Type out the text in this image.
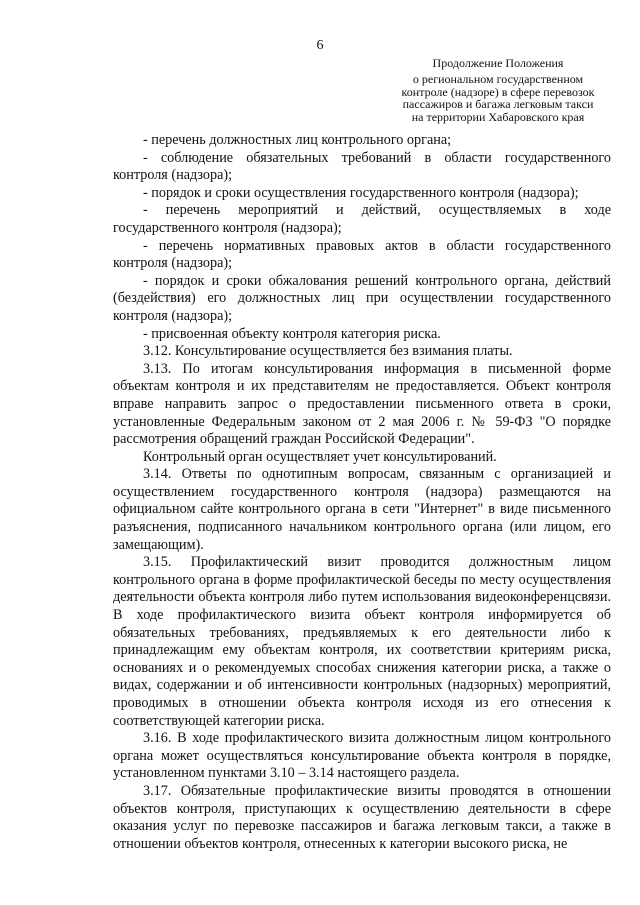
6
Продолжение Положения
о региональном государственном
контроле (надзоре) в сфере перевозок
пассажиров и багажа легковым такси
на территории Хабаровского края

- перечень должностных лиц контрольного органа;

- соблюдение обязательных требований в области государственного контроля (надзора);

- порядок и сроки осуществления государственного контроля (надзора);

- перечень мероприятий и действий, осуществляемых в ходе государственного контроля (надзора);

- перечень нормативных правовых актов в области государственного контроля (надзора);

- порядок и сроки обжалования решений контрольного органа, действий (бездействия) его должностных лиц при осуществлении государственного контроля (надзора);

- присвоенная объекту контроля категория риска.

3.12. Консультирование осуществляется без взимания платы.

3.13. По итогам консультирования информация в письменной форме объектам контроля и их представителям не предоставляется. Объект контроля вправе направить запрос о предоставлении письменного ответа в сроки, установленные Федеральным законом от 2 мая 2006 г. № 59-ФЗ "О порядке рассмотрения обращений граждан Российской Федерации".

Контрольный орган осуществляет учет консультирований.

3.14. Ответы по однотипным вопросам, связанным с организацией и осуществлением государственного контроля (надзора) размещаются на официальном сайте контрольного органа в сети "Интернет" в виде письменного разъяснения, подписанного начальником контрольного органа (или лицом, его замещающим).

3.15. Профилактический визит проводится должностным лицом контрольного органа в форме профилактической беседы по месту осуществления деятельности объекта контроля либо путем использования видеоконференцсвязи. В ходе профилактического визита объект контроля информируется об обязательных требованиях, предъявляемых к его деятельности либо к принадлежащим ему объектам контроля, их соответствии критериям риска, основаниях и о рекомендуемых способах снижения категории риска, а также о видах, содержании и об интенсивности контрольных (надзорных) мероприятий, проводимых в отношении объекта контроля исходя из его отнесения к соответствующей категории риска.

3.16. В ходе профилактического визита должностным лицом контрольного органа может осуществляться консультирование объекта контроля в порядке, установленном пунктами 3.10 – 3.14 настоящего раздела.

3.17. Обязательные профилактические визиты проводятся в отношении объектов контроля, приступающих к осуществлению деятельности в сфере оказания услуг по перевозке пассажиров и багажа легковым такси, а также в отношении объектов контроля, отнесенных к категории высокого риска, не
